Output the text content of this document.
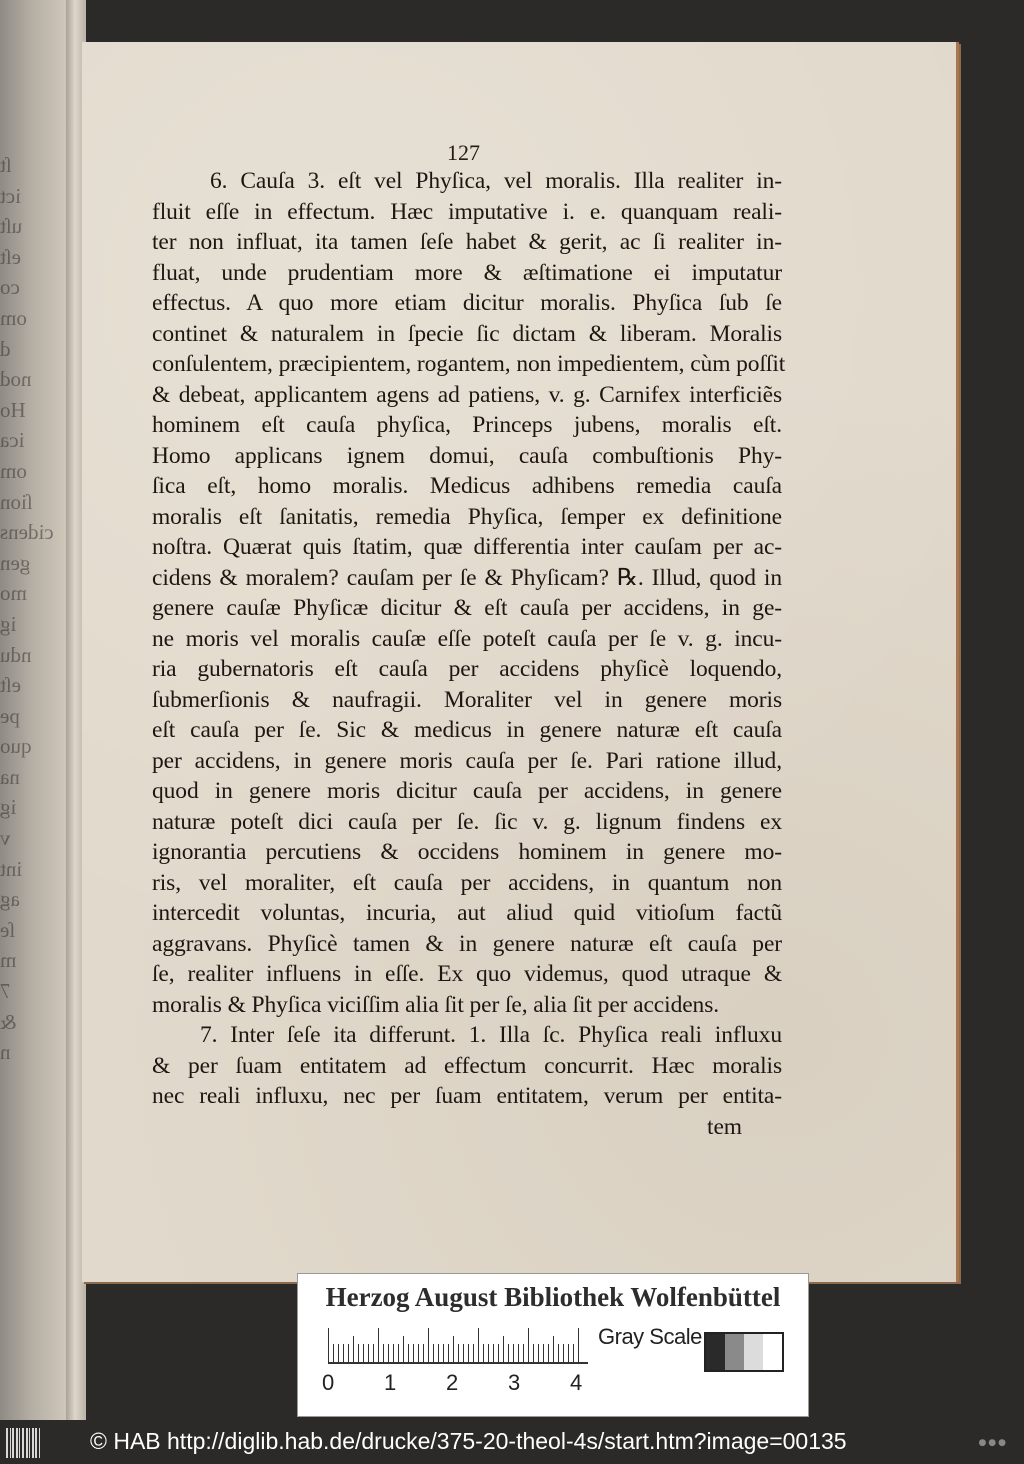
ſt
ict
uſt
eſt
co
om
d
nod
Ho
ica
om
ſion
cidens
gen
mo
ig
ndu
eſt
pe
quo
na
ig
v
int
ag
ſe
m
7
&
n
127
6. Cauſa 3. eſt vel Phyſica, vel moralis. Illa realiter in-
fluit eſſe in effectum. Hæc imputative i. e. quanquam reali-
ter non influat, ita tamen ſeſe habet & gerit, ac ſi realiter in-
fluat, unde prudentiam more & æſtimatione ei imputatur
effectus. A quo more etiam dicitur moralis. Phyſica ſub ſe
continet & naturalem in ſpecie ſic dictam & liberam. Moralis
conſulentem, præcipientem, rogantem, non impedientem, cùm poſſit
& debeat, applicantem agens ad patiens, v. g. Carnifex interficiẽs
hominem eſt cauſa phyſica, Princeps jubens, moralis eſt.
Homo applicans ignem domui, cauſa combuſtionis Phy-
ſica eſt, homo moralis. Medicus adhibens remedia cauſa
moralis eſt ſanitatis, remedia Phyſica, ſemper ex definitione
noſtra. Quærat quis ſtatim, quæ differentia inter cauſam per ac-
cidens & moralem? cauſam per ſe & Phyſicam? ℞. Illud, quod in
genere cauſæ Phyſicæ dicitur & eſt cauſa per accidens, in ge-
ne moris vel moralis cauſæ eſſe poteſt cauſa per ſe v. g. incu-
ria gubernatoris eſt cauſa per accidens phyſicè loquendo,
ſubmerſionis & naufragii. Moraliter vel in genere moris
eſt cauſa per ſe. Sic & medicus in genere naturæ eſt cauſa
per accidens, in genere moris cauſa per ſe. Pari ratione illud,
quod in genere moris dicitur cauſa per accidens, in genere
naturæ poteſt dici cauſa per ſe. ſic v. g. lignum findens ex
ignorantia percutiens & occidens hominem in genere mo-
ris, vel moraliter, eſt cauſa per accidens, in quantum non
intercedit voluntas, incuria, aut aliud quid vitioſum factũ
aggravans. Phyſicè tamen & in genere naturæ eſt cauſa per
ſe, realiter influens in eſſe. Ex quo videmus, quod utraque &
moralis & Phyſica viciſſim alia ſit per ſe, alia ſit per accidens.
7. Inter ſeſe ita differunt. 1. Illa ſc. Phyſica reali influxu
& per ſuam entitatem ad effectum concurrit. Hæc moralis
nec reali influxu, nec per ſuam entitatem, verum per entita-
tem
Herzog August Bibliothek Wolfenbüttel
0 1 2 3 4
Gray Scale
© HAB http://diglib.hab.de/drucke/375-20-theol-4s/start.htm?image=00135	●●●
